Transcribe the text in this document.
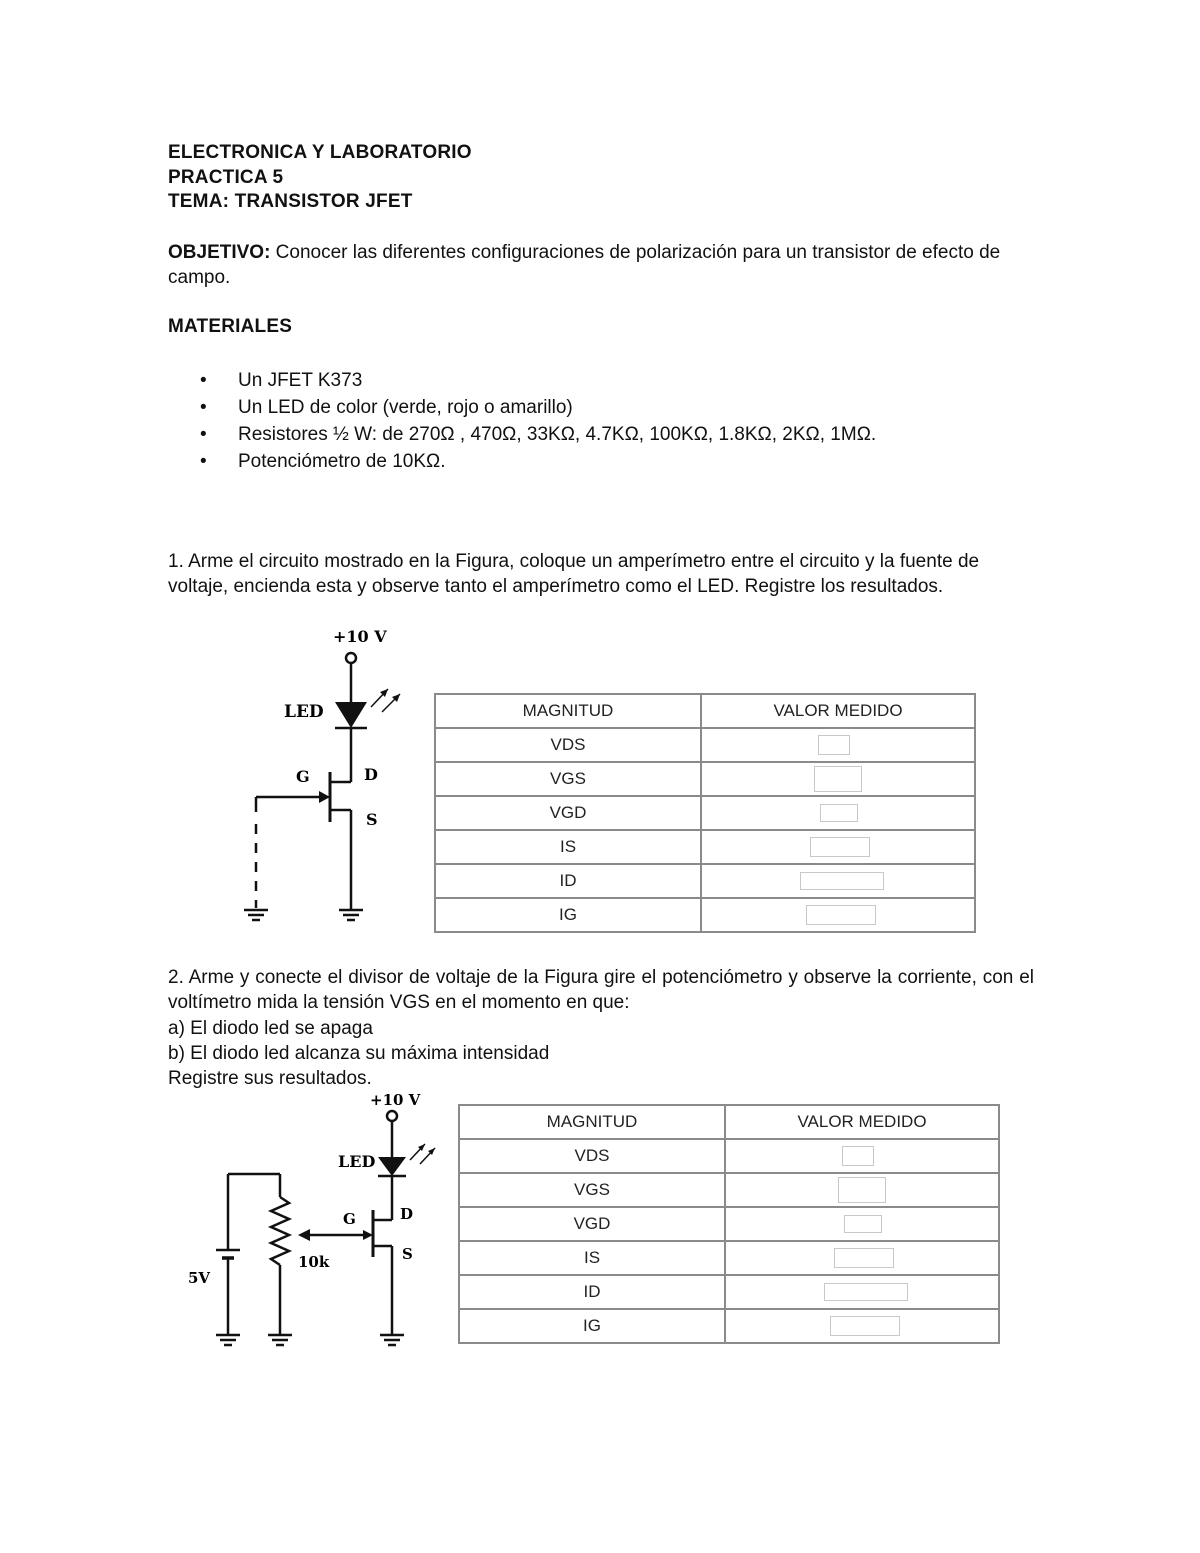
ELECTRONICA Y LABORATORIO
PRACTICA 5
TEMA: TRANSISTOR JFET
OBJETIVO: Conocer las diferentes configuraciones de polarización para un transistor de efecto de campo.
MATERIALES
• Un JFET K373
• Un LED de color (verde, rojo o amarillo)
• Resistores ½ W: de 270Ω , 470Ω, 33KΩ, 4.7KΩ, 100KΩ, 1.8KΩ, 2KΩ, 1MΩ.
• Potenciómetro de 10KΩ.
1. Arme el circuito mostrado en la Figura, coloque un amperímetro entre el circuito y la fuente de voltaje, encienda esta y observe tanto el amperímetro como el LED. Registre los resultados.
+10 V
LED
G	D
S
MAGNITUD	VALOR MEDIDO
VDS	

VGS	

VGD	

IS	

ID	

IG	
2. Arme y conecte el divisor de voltaje de la Figura gire el potenciómetro y observe la corriente, con el voltímetro mida la tensión VGS en el momento en que:
a) El diodo led se apaga
b) El diodo led alcanza su máxima intensidad
Registre sus resultados.
+10 V
LED
G	D
S
5V
10k
MAGNITUD	VALOR MEDIDO
VDS	

VGS	

VGD	

IS	

ID	

IG	
